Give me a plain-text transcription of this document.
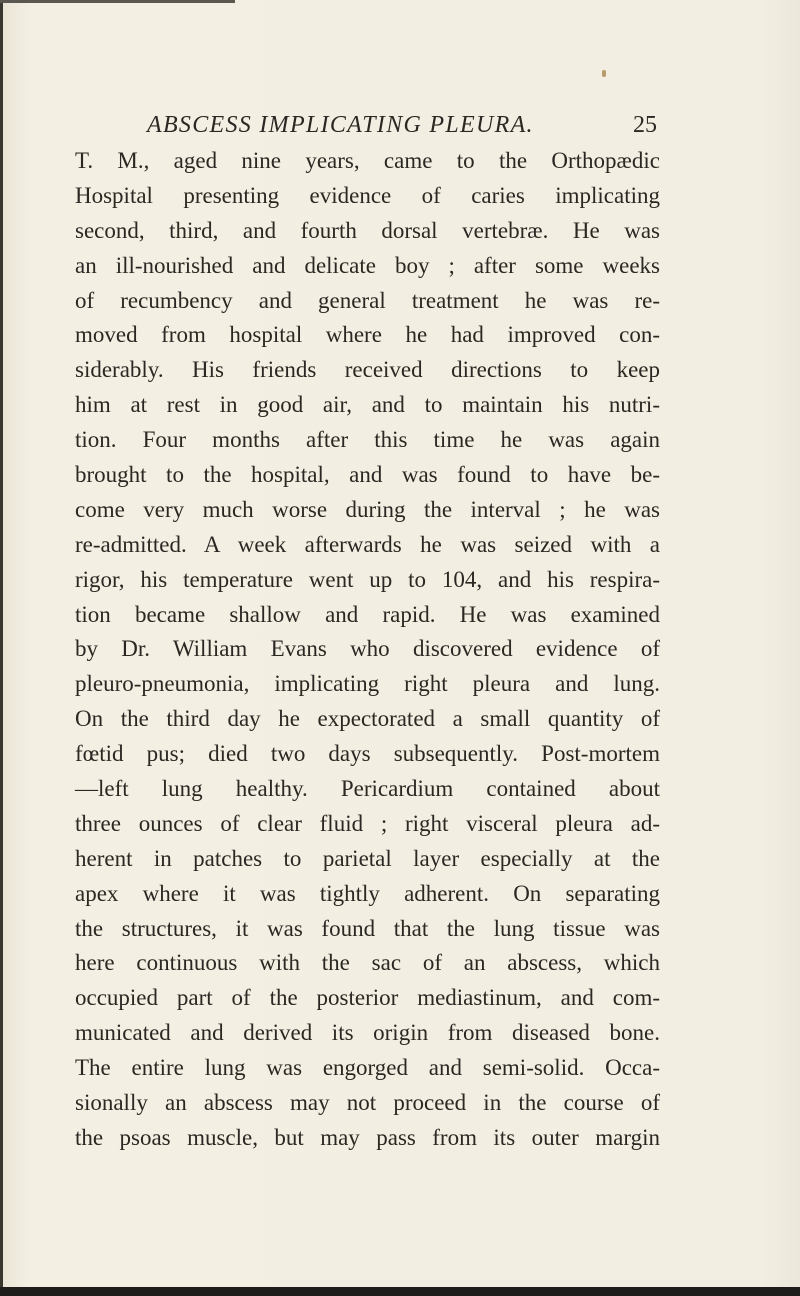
ABSCESS IMPLICATING PLEURA.	25
T. M., aged nine years, came to the Orthopædic
Hospital presenting evidence of caries implicating
second, third, and fourth dorsal vertebræ. He was
an ill-nourished and delicate boy ; after some weeks
of recumbency and general treatment he was re-
moved from hospital where he had improved con-
siderably. His friends received directions to keep
him at rest in good air, and to maintain his nutri-
tion. Four months after this time he was again
brought to the hospital, and was found to have be-
come very much worse during the interval ; he was
re-admitted. A week afterwards he was seized with a
rigor, his temperature went up to 104, and his respira-
tion became shallow and rapid. He was examined
by Dr. William Evans who discovered evidence of
pleuro-pneumonia, implicating right pleura and lung.
On the third day he expectorated a small quantity of
fœtid pus; died two days subsequently. Post-mortem
—left lung healthy. Pericardium contained about
three ounces of clear fluid ; right visceral pleura ad-
herent in patches to parietal layer especially at the
apex where it was tightly adherent. On separating
the structures, it was found that the lung tissue was
here continuous with the sac of an abscess, which
occupied part of the posterior mediastinum, and com-
municated and derived its origin from diseased bone.
The entire lung was engorged and semi-solid. Occa-
sionally an abscess may not proceed in the course of
the psoas muscle, but may pass from its outer margin
